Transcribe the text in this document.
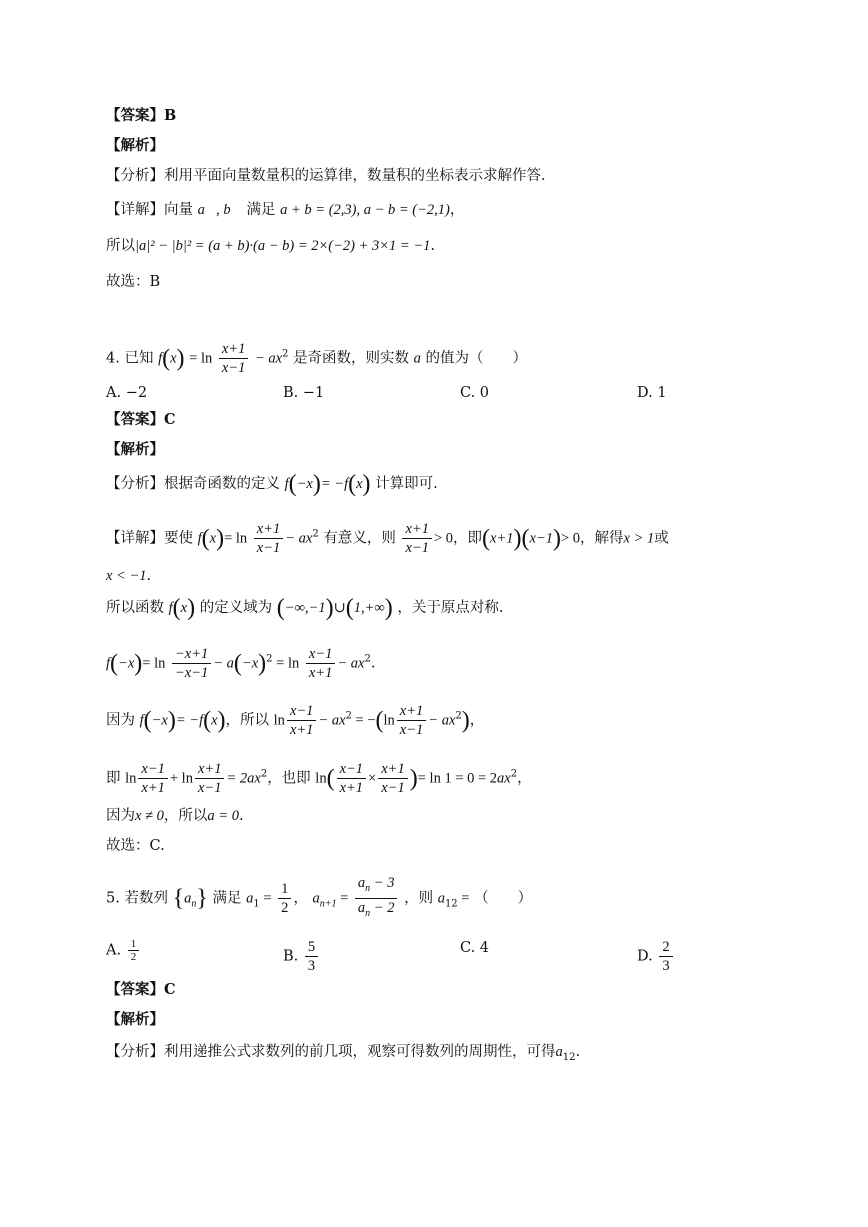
【答案】B
【解析】
【分析】利用平面向量数量积的运算律，数量积的坐标表示求解作答.
【详解】向量 a⃗, b⃗ 满足 a + b = (2,3), a − b = (−2,1)，
所以|a|² − |b|² = (a + b)·(a − b) = 2×(−2) + 3×1 = −1.
故选：B
4. 已知 $f(x) = \ln \frac{x+1}{x-1} - ax^2$ 是奇函数，则实数 a 的值为（　　）
A. −2	B. −1	C. 0	D. 1
【答案】C
【解析】
【分析】根据奇函数的定义 f(−x)= −f(x) 计算即可.
【详解】要使 $f(x)= \ln \frac{x+1}{x-1} - ax^2$ 有意义，则 $\frac{x+1}{x-1} > 0$，即(x+1)(x−1)> 0，解得x > 1或
x < −1.
所以函数 f(x) 的定义域为 (−∞,−1)∪(1,+∞) ，关于原点对称.
$f(-x)= \ln \frac{-x+1}{-x-1} - a(-x)^2 = \ln \frac{x-1}{x+1} - ax^2$.
因为 f(−x)= −f(x)，所以 $\ln \frac{x-1}{x+1} - ax^2 = -(\ln \frac{x+1}{x-1} - ax^2)$，
即 $\ln \frac{x-1}{x+1} + \ln \frac{x+1}{x-1} = 2ax^2$，也即 $\ln( \frac{x-1}{x+1} \times \frac{x+1}{x-1}$ )= $\ln 1 = 0 = 2ax^2$，
因为x ≠ 0，所以a = 0.
故选：C.
5. 若数列 $\{a_n\}$ 满足 $a_1 = \frac{1}{2}$ ， $a_{n+1} = \frac{a_n - 3}{a_n - 2}$ ，则 $a_{12}$ = （　　）
A. $\frac{1}{2}$	B. $\frac{5}{3}$	C. 4
D. $\frac{2}{3}$
【答案】C
【解析】
【分析】利用递推公式求数列的前几项，观察可得数列的周期性，可得$a_{12}$.
